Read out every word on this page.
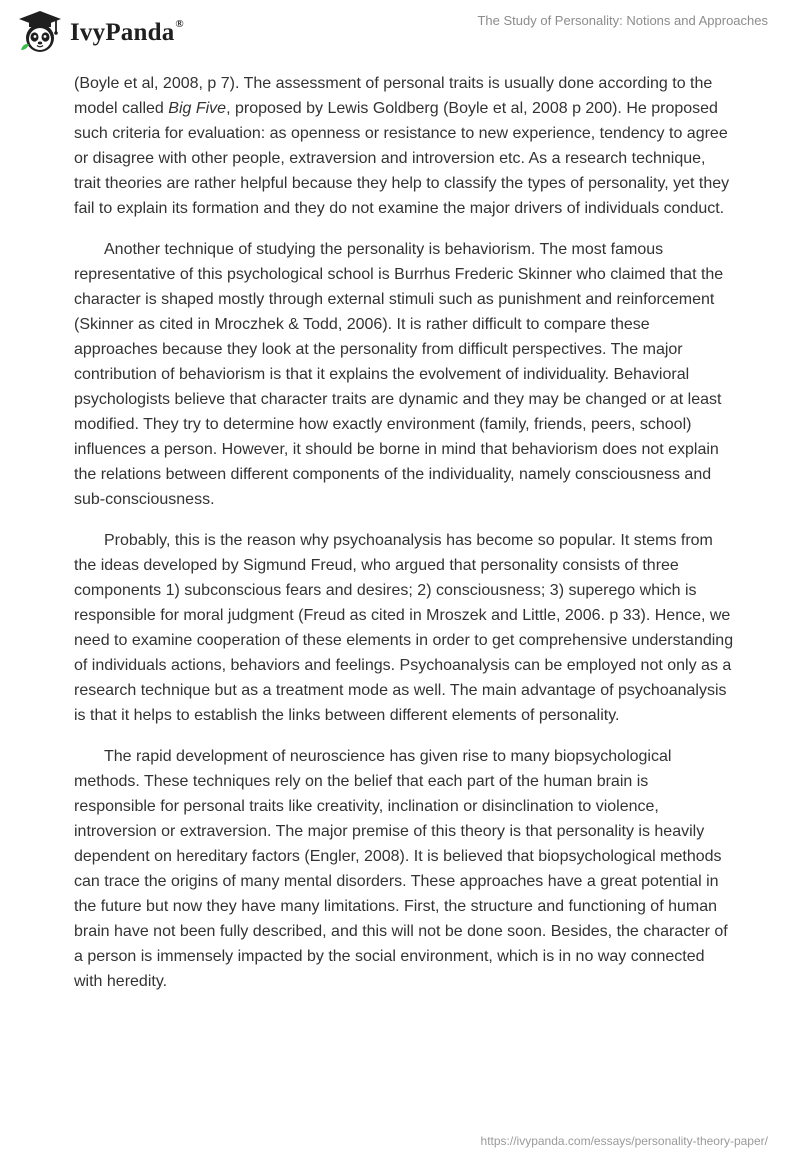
IvyPanda®	The Study of Personality: Notions and Approaches

(Boyle et al, 2008, p 7). The assessment of personal traits is usually done according to the model called Big Five, proposed by Lewis Goldberg (Boyle et al, 2008 p 200). He proposed such criteria for evaluation: as openness or resistance to new experience, tendency to agree or disagree with other people, extraversion and introversion etc. As a research technique, trait theories are rather helpful because they help to classify the types of personality, yet they fail to explain its formation and they do not examine the major drivers of individuals conduct.

Another technique of studying the personality is behaviorism. The most famous representative of this psychological school is Burrhus Frederic Skinner who claimed that the character is shaped mostly through external stimuli such as punishment and reinforcement (Skinner as cited in Mroczhek & Todd, 2006). It is rather difficult to compare these approaches because they look at the personality from difficult perspectives. The major contribution of behaviorism is that it explains the evolvement of individuality. Behavioral psychologists believe that character traits are dynamic and they may be changed or at least modified. They try to determine how exactly environment (family, friends, peers, school) influences a person. However, it should be borne in mind that behaviorism does not explain the relations between different components of the individuality, namely consciousness and sub-consciousness.

Probably, this is the reason why psychoanalysis has become so popular. It stems from the ideas developed by Sigmund Freud, who argued that personality consists of three components 1) subconscious fears and desires; 2) consciousness; 3) superego which is responsible for moral judgment (Freud as cited in Mroszek and Little, 2006. p 33). Hence, we need to examine cooperation of these elements in order to get comprehensive understanding of individuals actions, behaviors and feelings. Psychoanalysis can be employed not only as a research technique but as a treatment mode as well. The main advantage of psychoanalysis is that it helps to establish the links between different elements of personality.

The rapid development of neuroscience has given rise to many biopsychological methods. These techniques rely on the belief that each part of the human brain is responsible for personal traits like creativity, inclination or disinclination to violence, introversion or extraversion. The major premise of this theory is that personality is heavily dependent on hereditary factors (Engler, 2008). It is believed that biopsychological methods can trace the origins of many mental disorders. These approaches have a great potential in the future but now they have many limitations. First, the structure and functioning of human brain have not been fully described, and this will not be done soon. Besides, the character of a person is immensely impacted by the social environment, which is in no way connected with heredity.

https://ivypanda.com/essays/personality-theory-paper/
